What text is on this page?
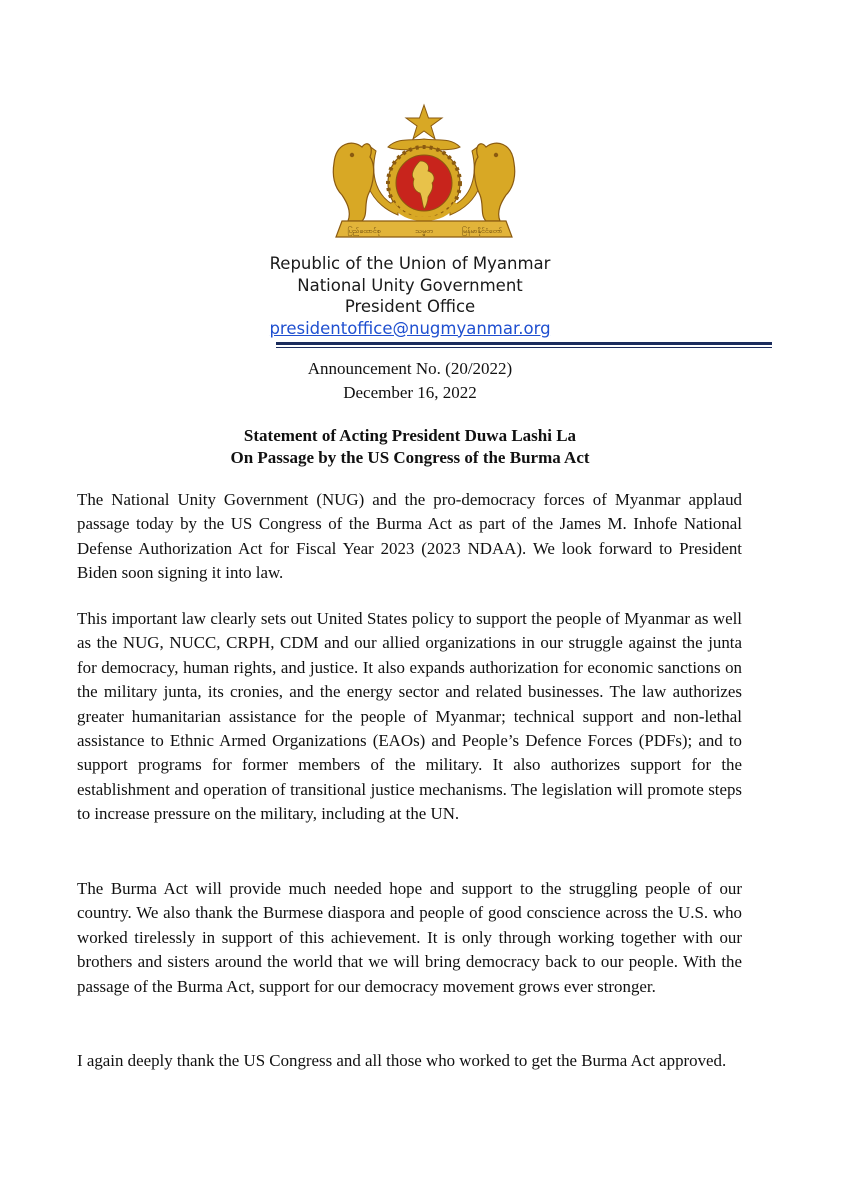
ပြည်ထောင်စု	သမ္မတ	မြန်မာနိုင်ငံတော်
Republic of the Union of Myanmar
National Unity Government
President Office
presidentoffice@nugmyanmar.org
Announcement No. (20/2022)
December 16, 2022
Statement of Acting President Duwa Lashi La
On Passage by the US Congress of the Burma Act

The National Unity Government (NUG) and the pro-democracy forces of Myanmar applaud passage today by the US Congress of the Burma Act as part of the James M. Inhofe National Defense Authorization Act for Fiscal Year 2023 (2023 NDAA). We look forward to President Biden soon signing it into law.

This important law clearly sets out United States policy to support the people of Myanmar as well as the NUG, NUCC, CRPH, CDM and our allied organizations in our struggle against the junta for democracy, human rights, and justice. It also expands authorization for economic sanctions on the military junta, its cronies, and the energy sector and related businesses. The law authorizes greater humanitarian assistance for the people of Myanmar; technical support and non-lethal assistance to Ethnic Armed Organizations (EAOs) and People’s Defence Forces (PDFs); and to support programs for former members of the military. It also authorizes support for the establishment and operation of transitional justice mechanisms. The legislation will promote steps to increase pressure on the military, including at the UN.

The Burma Act will provide much needed hope and support to the struggling people of our country. We also thank the Burmese diaspora and people of good conscience across the U.S. who worked tirelessly in support of this achievement. It is only through working together with our brothers and sisters around the world that we will bring democracy back to our people. With the passage of the Burma Act, support for our democracy movement grows ever stronger.

I again deeply thank the US Congress and all those who worked to get the Burma Act approved.
